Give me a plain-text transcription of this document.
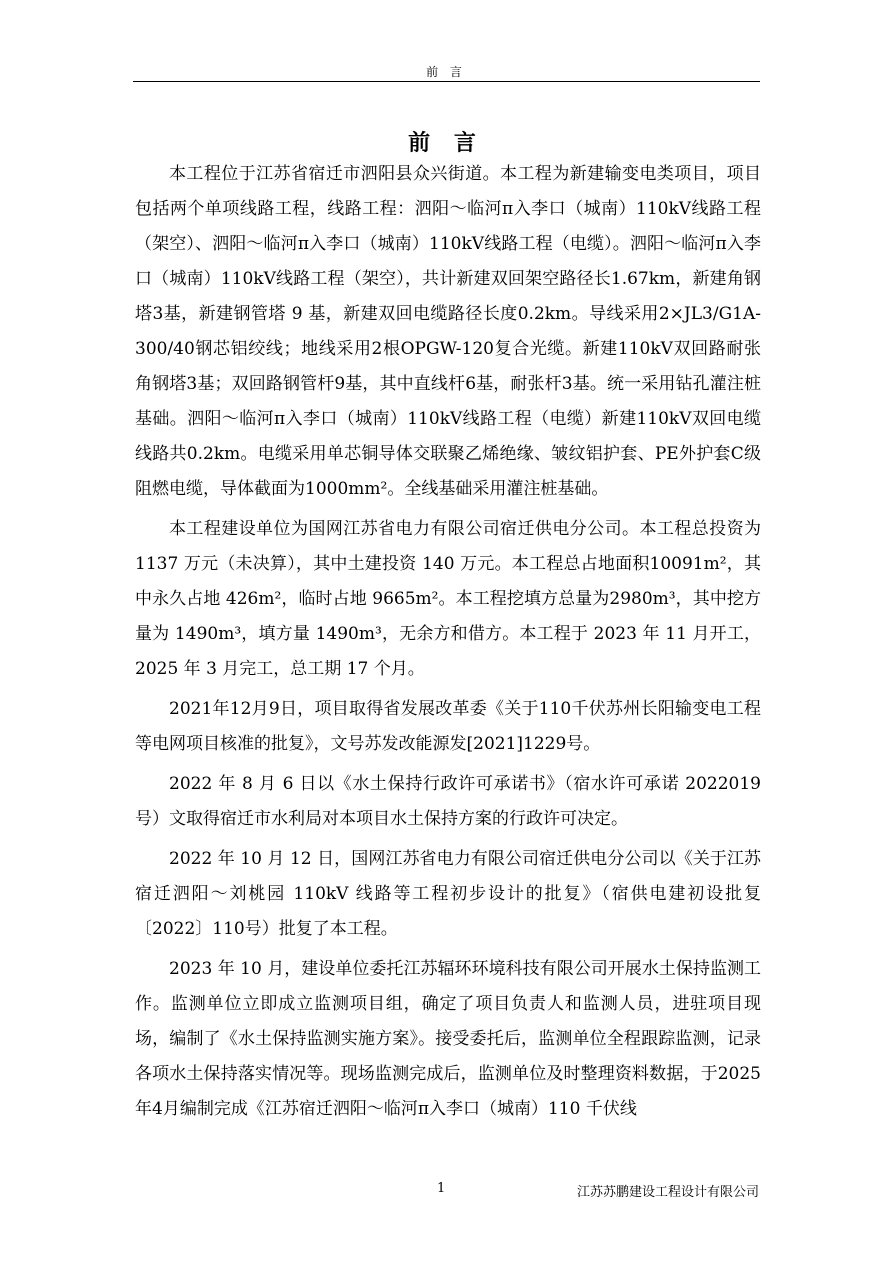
前 言
前 言

本工程位于江苏省宿迁市泗阳县众兴街道。本工程为新建输变电类项目，项目包括两个单项线路工程，线路工程：泗阳～临河π入李口（城南）110kV线路工程（架空）、泗阳～临河π入李口（城南）110kV线路工程（电缆）。泗阳～临河π入李口（城南）110kV线路工程（架空），共计新建双回架空路径长1.67km，新建角钢塔3基，新建钢管塔 9 基，新建双回电缆路径长度0.2km。导线采用2×JL3/G1A-300/40钢芯铝绞线；地线采用2根OPGW-120复合光缆。新建110kV双回路耐张角钢塔3基；双回路钢管杆9基，其中直线杆6基，耐张杆3基。统一采用钻孔灌注桩基础。泗阳～临河π入李口（城南）110kV线路工程（电缆）新建110kV双回电缆线路共0.2km。电缆采用单芯铜导体交联聚乙烯绝缘、皱纹铝护套、PE外护套C级阻燃电缆，导体截面为1000mm²。全线基础采用灌注桩基础。

本工程建设单位为国网江苏省电力有限公司宿迁供电分公司。本工程总投资为 1137 万元（未决算），其中土建投资 140 万元。本工程总占地面积10091m²，其中永久占地 426m²，临时占地 9665m²。本工程挖填方总量为2980m³，其中挖方量为 1490m³，填方量 1490m³，无余方和借方。本工程于 2023 年 11 月开工，2025 年 3 月完工，总工期 17 个月。

2021年12月9日，项目取得省发展改革委《关于110千伏苏州长阳输变电工程等电网项目核准的批复》，文号苏发改能源发[2021]1229号。

2022 年 8 月 6 日以《水土保持行政许可承诺书》（宿水许可承诺 2022019号）文取得宿迁市水利局对本项目水土保持方案的行政许可决定。

2022 年 10 月 12 日，国网江苏省电力有限公司宿迁供电分公司以《关于江苏宿迁泗阳～刘桃园 110kV 线路等工程初步设计的批复》（宿供电建初设批复〔2022〕110号）批复了本工程。

2023 年 10 月，建设单位委托江苏辐环环境科技有限公司开展水土保持监测工作。监测单位立即成立监测项目组，确定了项目负责人和监测人员，进驻项目现场，编制了《水土保持监测实施方案》。接受委托后，监测单位全程跟踪监测，记录各项水土保持落实情况等。现场监测完成后，监测单位及时整理资料数据，于2025 年4月编制完成《江苏宿迁泗阳～临河π入李口（城南）110 千伏线

1	江苏苏鹏建设工程设计有限公司
